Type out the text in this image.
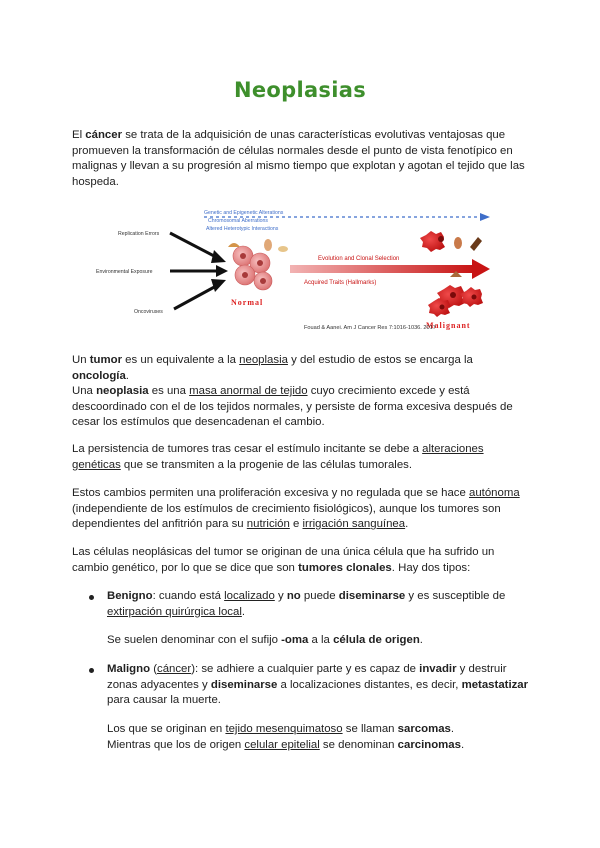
Neoplasias

El cáncer se trata de la adquisición de unas características evolutivas ventajosas que promueven la transformación de células normales desde el punto de vista fenotípico en malignas y llevan a su progresión al mismo tiempo que explotan y agotan el tejido que las hospeda.

Genetic and Epigenetic Alterations
Chromosomal Aberrations
Altered Heterotypic Interactions
Replication Errors
Environmental Exposure
Oncoviruses
Normal
Evolution and Clonal Selection
Acquired Traits (Hallmarks)
Malignant
Fouad & Aanei. Am J Cancer Res 7:1016-1036. 2017

Un tumor es un equivalente a la neoplasia y del estudio de estos se encarga la oncología.

Una neoplasia es una masa anormal de tejido cuyo crecimiento excede y está descoordinado con el de los tejidos normales, y persiste de forma excesiva después de cesar los estímulos que desencadenan el cambio.

La persistencia de tumores tras cesar el estímulo incitante se debe a alteraciones genéticas que se transmiten a la progenie de las células tumorales.

Estos cambios permiten una proliferación excesiva y no regulada que se hace autónoma (independiente de los estímulos de crecimiento fisiológicos), aunque los tumores son dependientes del anfitrión para su nutrición e irrigación sanguínea.

Las células neoplásicas del tumor se originan de una única célula que ha sufrido un cambio genético, por lo que se dice que son tumores clonales. Hay dos tipos:

Benigno: cuando está localizado y no puede diseminarse y es susceptible de extirpación quirúrgica local.

Se suelen denominar con el sufijo -oma a la célula de origen.

Maligno (cáncer): se adhiere a cualquier parte y es capaz de invadir y destruir zonas adyacentes y diseminarse a localizaciones distantes, es decir, metastatizar para causar la muerte.

Los que se originan en tejido mesenquimatoso se llaman sarcomas.
Mientras que los de origen celular epitelial se denominan carcinomas.
